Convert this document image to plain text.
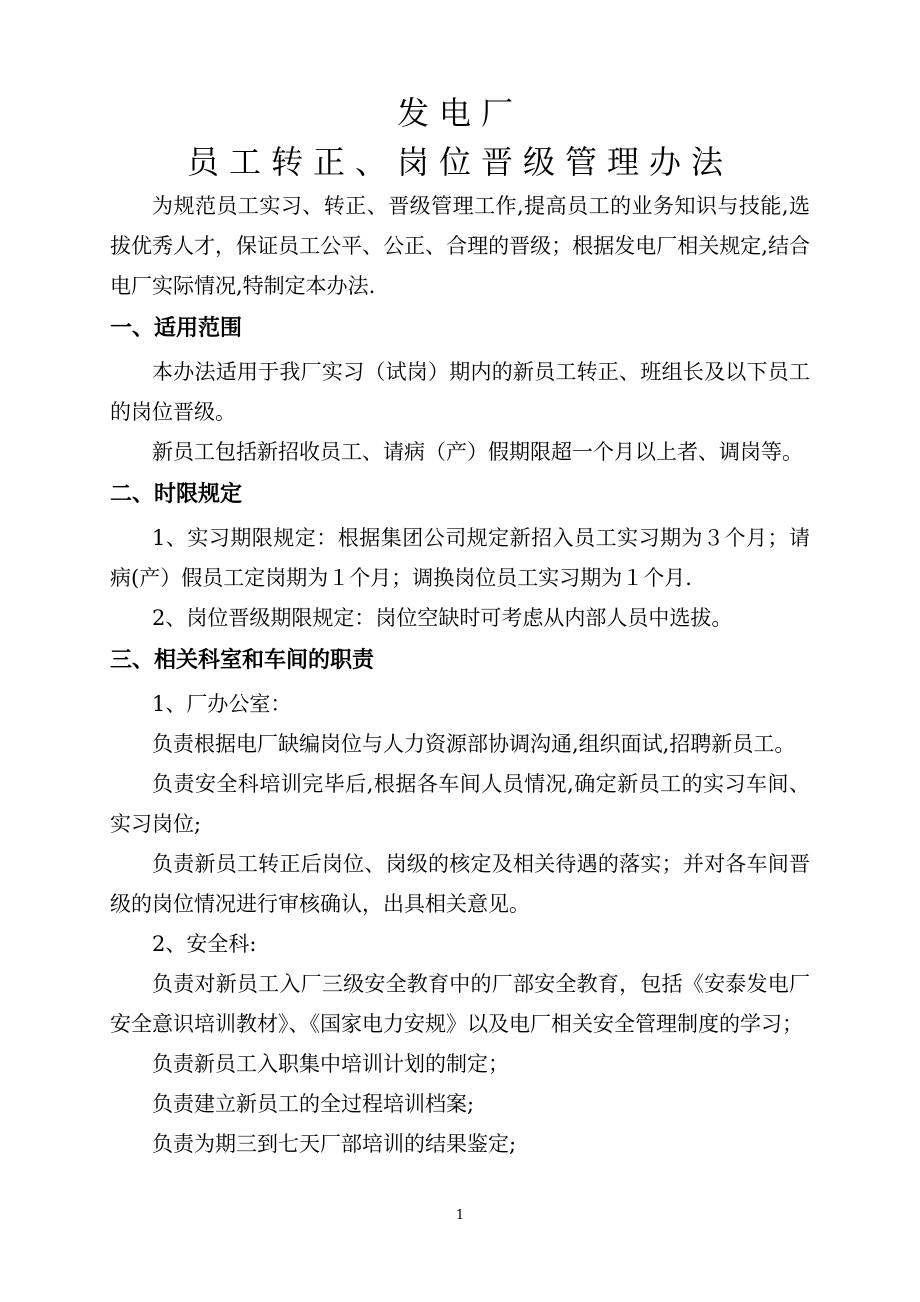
发电厂
员工转正、岗位晋级管理办法

为规范员工实习、转正、晋级管理工作,提高员工的业务知识与技能,选拔优秀人才，保证员工公平、公正、合理的晋级；根据发电厂相关规定,结合电厂实际情况,特制定本办法.

一、适用范围

本办法适用于我厂实习（试岗）期内的新员工转正、班组长及以下员工的岗位晋级。

新员工包括新招收员工、请病（产）假期限超一个月以上者、调岗等。

二、时限规定

1、实习期限规定：根据集团公司规定新招入员工实习期为３个月；请病(产）假员工定岗期为１个月；调换岗位员工实习期为１个月.

2、岗位晋级期限规定：岗位空缺时可考虑从内部人员中选拔。

三、相关科室和车间的职责

1、厂办公室：

负责根据电厂缺编岗位与人力资源部协调沟通,组织面试,招聘新员工。

负责安全科培训完毕后,根据各车间人员情况,确定新员工的实习车间、实习岗位;

负责新员工转正后岗位、岗级的核定及相关待遇的落实；并对各车间晋级的岗位情况进行审核确认，出具相关意见。

2、安全科:

负责对新员工入厂三级安全教育中的厂部安全教育，包括《安泰发电厂安全意识培训教材》、《国家电力安规》以及电厂相关安全管理制度的学习；

负责新员工入职集中培训计划的制定；

负责建立新员工的全过程培训档案;

负责为期三到七天厂部培训的结果鉴定;

1
